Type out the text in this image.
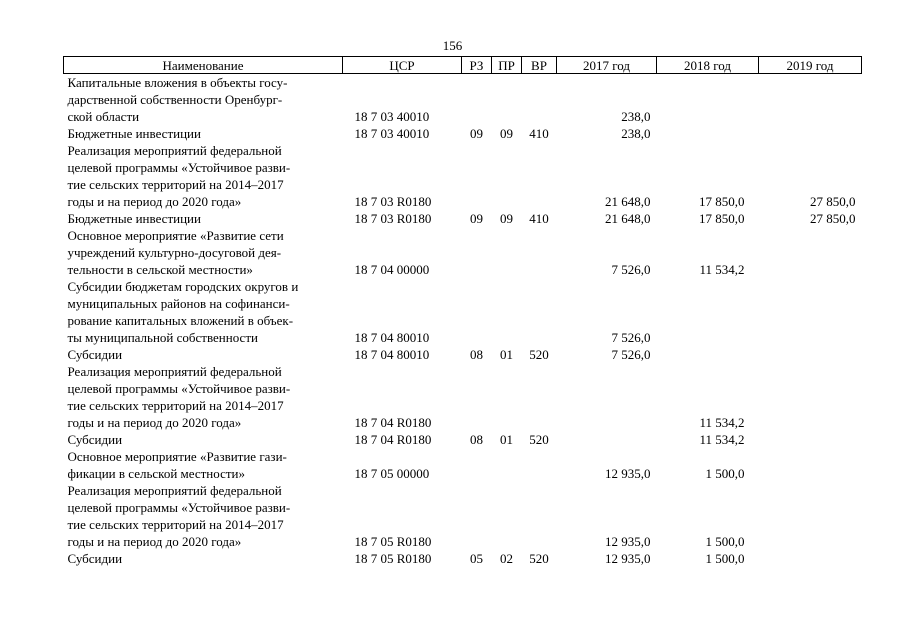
156
Наименование	ЦСР	РЗ	ПР	ВР	2017 год	2018 год	2019 год
Капитальные вложения в объекты госу-
дарственной собственности Оренбург-
ской области	18 7 03 40010				238,0		
Бюджетные инвестиции	18 7 03 40010	09	09	410	238,0		
Реализация мероприятий федеральной
целевой программы «Устойчивое разви-
тие сельских территорий на 2014–2017
годы и на период до 2020 года»	18 7 03 R0180				21 648,0	17 850,0	27 850,0
Бюджетные инвестиции	18 7 03 R0180	09	09	410	21 648,0	17 850,0	27 850,0
Основное мероприятие «Развитие сети
учреждений культурно-досуговой дея-
тельности в сельской местности»	18 7 04 00000				7 526,0	11 534,2	
Субсидии бюджетам городских округов и
муниципальных районов на софинанси-
рование капитальных вложений в объек-
ты муниципальной собственности	18 7 04 80010				7 526,0		
Субсидии	18 7 04 80010	08	01	520	7 526,0		
Реализация мероприятий федеральной
целевой программы «Устойчивое разви-
тие сельских территорий на 2014–2017
годы и на период до 2020 года»	18 7 04 R0180					11 534,2	
Субсидии	18 7 04 R0180	08	01	520		11 534,2	
Основное мероприятие «Развитие гази-
фикации в сельской местности»	18 7 05 00000				12 935,0	1 500,0	
Реализация мероприятий федеральной
целевой программы «Устойчивое разви-
тие сельских территорий на 2014–2017
годы и на период до 2020 года»	18 7 05 R0180				12 935,0	1 500,0	
Субсидии	18 7 05 R0180	05	02	520	12 935,0	1 500,0	
